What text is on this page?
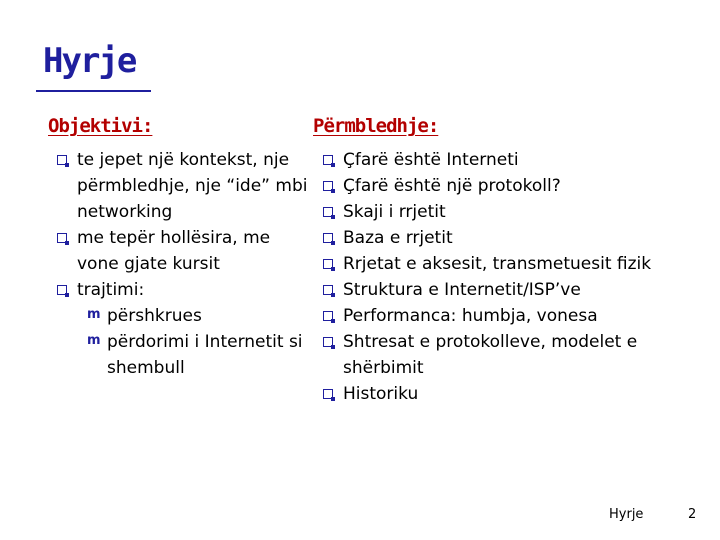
Hyrje
Objektivi:	Përmbledhje:
te jepet një kontekst, nje përmbledhje, nje “ide” mbi networking
me tepër hollësira, me vone gjate kursit
trajtimi:
m përshkrues
m përdorimi i Internetit si shembull
Çfarë është Interneti
Çfarë është një protokoll?
Skaji i rrjetit
Baza e rrjetit
Rrjetat e aksesit, transmetuesit fizik
Struktura e Internetit/ISP’ve
Performanca: humbja, vonesa
Shtresat e protokolleve, modelet e shërbimit
Historiku
Hyrje	2
